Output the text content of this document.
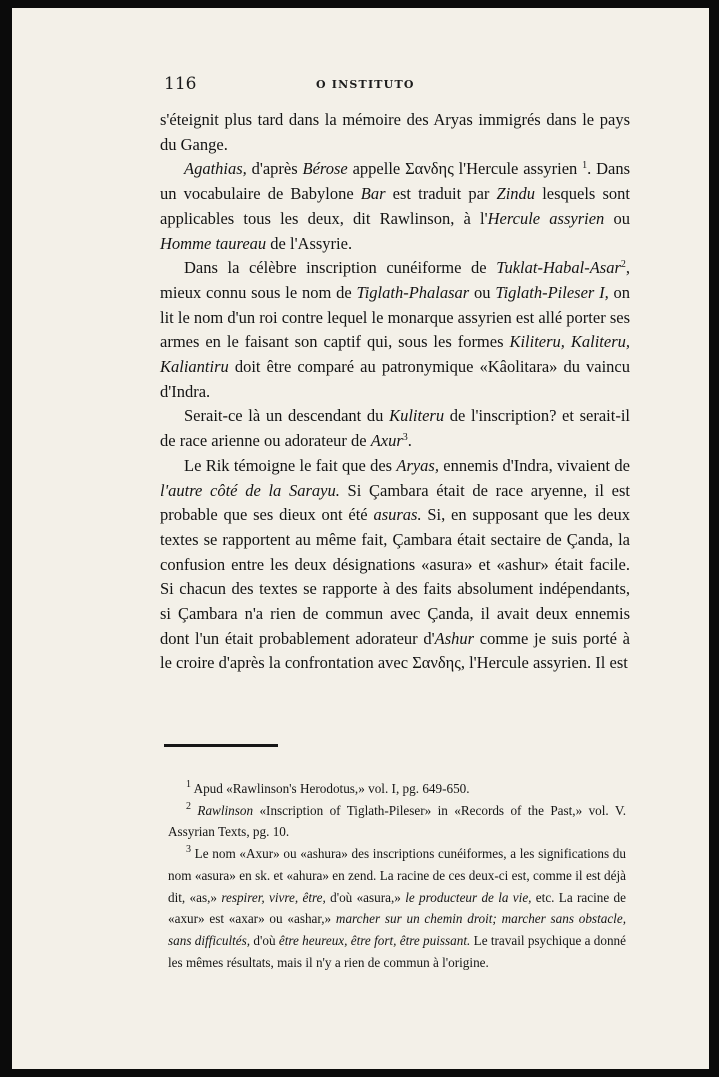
116	O INSTITUTO

s'éteignit plus tard dans la mémoire des Aryas immigrés dans le pays du Gange.

Agathias, d'après Bérose appelle Σανδης l'Hercule assyrien $^1$. Dans un vocabulaire de Babylone Bar est traduit par Zindu lesquels sont applicables tous les deux, dit Rawlinson, à l'Hercule assyrien ou Homme taureau de l'Assyrie.

Dans la célèbre inscription cunéiforme de Tuklat-Habal-Asar$^2$, mieux connu sous le nom de Tiglath-Phalasar ou Tiglath-Pileser I, on lit le nom d'un roi contre lequel le monarque assyrien est allé porter ses armes en le faisant son captif qui, sous les formes Kiliteru, Kaliteru, Kaliantiru doit être comparé au patronymique «Kâolitara» du vaincu d'Indra.

Serait-ce là un descendant du Kuliteru de l'inscription? et serait-il de race arienne ou adorateur de Axur$^3$.

Le Rik témoigne le fait que des Aryas, ennemis d'Indra, vivaient de l'autre côté de la Sarayu. Si Çambara était de race aryenne, il est probable que ses dieux ont été asuras. Si, en supposant que les deux textes se rapportent au même fait, Çambara était sectaire de Çanda, la confusion entre les deux désignations «asura» et «ashur» était facile. Si chacun des textes se rapporte à des faits absolument indépendants, si Çambara n'a rien de commun avec Çanda, il avait deux ennemis dont l'un était probablement adorateur d'Ashur comme je suis porté à le croire d'après la confrontation avec Σανδης, l'Hercule assyrien. Il est

$^1$ Apud «Rawlinson's Herodotus,» vol. I, pg. 649-650.

$^2$ Rawlinson «Inscription of Tiglath-Pileser» in «Records of the Past,» vol. V. Assyrian Texts, pg. 10.

$^3$ Le nom «Axur» ou «ashura» des inscriptions cunéiformes, a les significations du nom «asura» en sk. et «ahura» en zend. La racine de ces deux-ci est, comme il est déjà dit, «as,» respirer, vivre, être, d'où «asura,» le producteur de la vie, etc. La racine de «axur» est «axar» ou «ashar,» marcher sur un chemin droit; marcher sans obstacle, sans difficultés, d'où être heureux, être fort, être puissant. Le travail psychique a donné les mêmes résultats, mais il n'y a rien de commun à l'origine.
